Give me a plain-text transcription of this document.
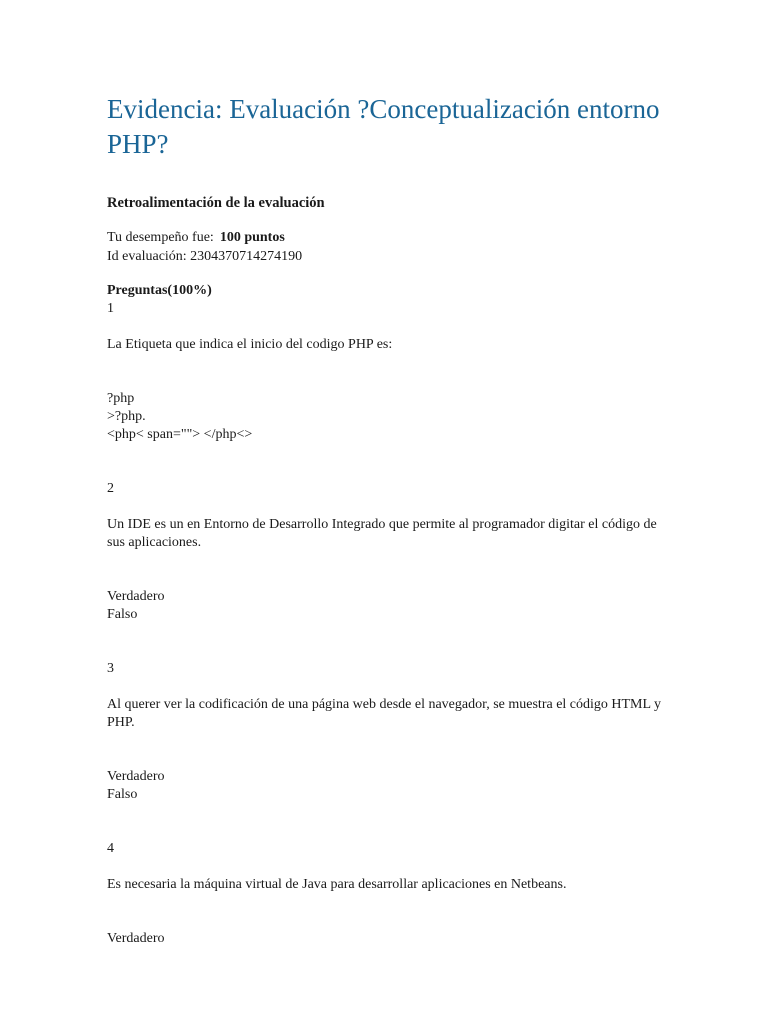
Evidencia: Evaluación ?Conceptualización entorno PHP?
Retroalimentación de la evaluación
Tu desempeño fue: 100 puntos
Id evaluación: 2304370714274190
Preguntas(100%)

1

La Etiqueta que indica el inicio del codigo PHP es:

?php
>?php.
<php< span=""> </php<>

2

Un IDE es un en Entorno de Desarrollo Integrado que permite al programador digitar el código de sus aplicaciones.

Verdadero
Falso

3

Al querer ver la codificación de una página web desde el navegador, se muestra el código HTML y PHP.

Verdadero
Falso

4

Es necesaria la máquina virtual de Java para desarrollar aplicaciones en Netbeans.

Verdadero
